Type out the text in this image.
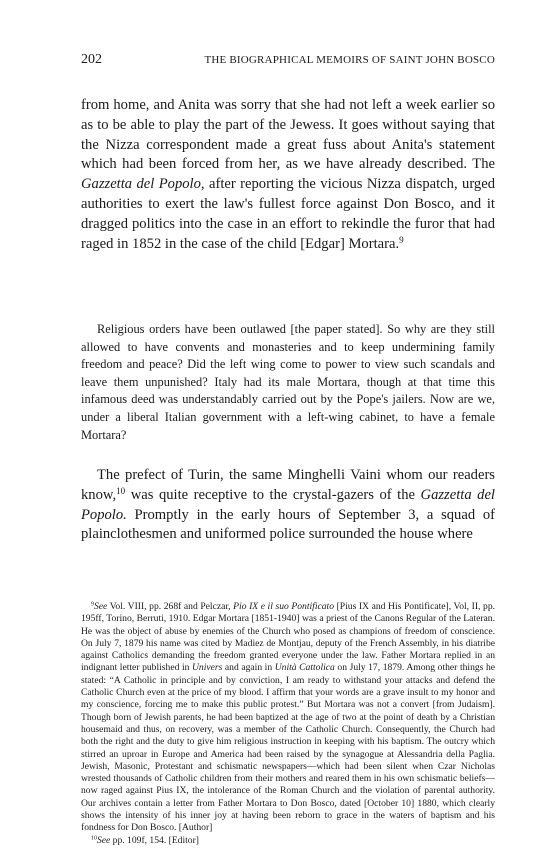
202	THE BIOGRAPHICAL MEMOIRS OF SAINT JOHN BOSCO

from home, and Anita was sorry that she had not left a week earlier so as to be able to play the part of the Jewess. It goes without saying that the Nizza correspondent made a great fuss about Anita's statement which had been forced from her, as we have already described. The Gazzetta del Popolo, after reporting the vicious Nizza dispatch, urged authorities to exert the law's fullest force against Don Bosco, and it dragged politics into the case in an effort to rekindle the furor that had raged in 1852 in the case of the child [Edgar] Mortara.$^9$

Religious orders have been outlawed [the paper stated]. So why are they still allowed to have convents and monasteries and to keep undermining family freedom and peace? Did the left wing come to power to view such scandals and leave them unpunished? Italy had its male Mortara, though at that time this infamous deed was understandably carried out by the Pope's jailers. Now are we, under a liberal Italian government with a left-wing cabinet, to have a female Mortara?

The prefect of Turin, the same Minghelli Vaini whom our readers know,$^{10}$ was quite receptive to the crystal-gazers of the Gazzetta del Popolo. Promptly in the early hours of September 3, a squad of plainclothesmen and uniformed police surrounded the house where

$^9$See Vol. VIII, pp. 268f and Pelczar, Pio IX e il suo Pontificato [Pius IX and His Pontificate], Vol, II, pp. 195ff, Torino, Berruti, 1910. Edgar Mortara [1851-1940] was a priest of the Canons Regular of the Lateran. He was the object of abuse by enemies of the Church who posed as champions of freedom of conscience. On July 7, 1879 his name was cited by Madiez de Montjau, deputy of the French Assembly, in his diatribe against Catholics demanding the freedom granted everyone under the law. Father Mortara replied in an indignant letter published in Univers and again in Unità Cattolica on July 17, 1879. Among other things he stated: “A Catholic in principle and by conviction, I am ready to withstand your attacks and defend the Catholic Church even at the price of my blood. I affirm that your words are a grave insult to my honor and my conscience, forcing me to make this public protest.” But Mortara was not a convert [from Judaism]. Though born of Jewish parents, he had been baptized at the age of two at the point of death by a Christian housemaid and thus, on recovery, was a member of the Catholic Church. Consequently, the Church had both the right and the duty to give him religious instruction in keeping with his baptism. The outcry which stirred an uproar in Europe and America had been raised by the synagogue at Alessandria della Paglia. Jewish, Masonic, Protestant and schismatic newspapers—which had been silent when Czar Nicholas wrested thousands of Catholic children from their mothers and reared them in his own schismatic beliefs—now raged against Pius IX, the intolerance of the Roman Church and the violation of parental authority. Our archives contain a letter from Father Mortara to Don Bosco, dated [October 10] 1880, which clearly shows the intensity of his inner joy at having been reborn to grace in the waters of baptism and his fondness for Don Bosco. [Author]

$^{10}$See pp. 109f, 154. [Editor]
